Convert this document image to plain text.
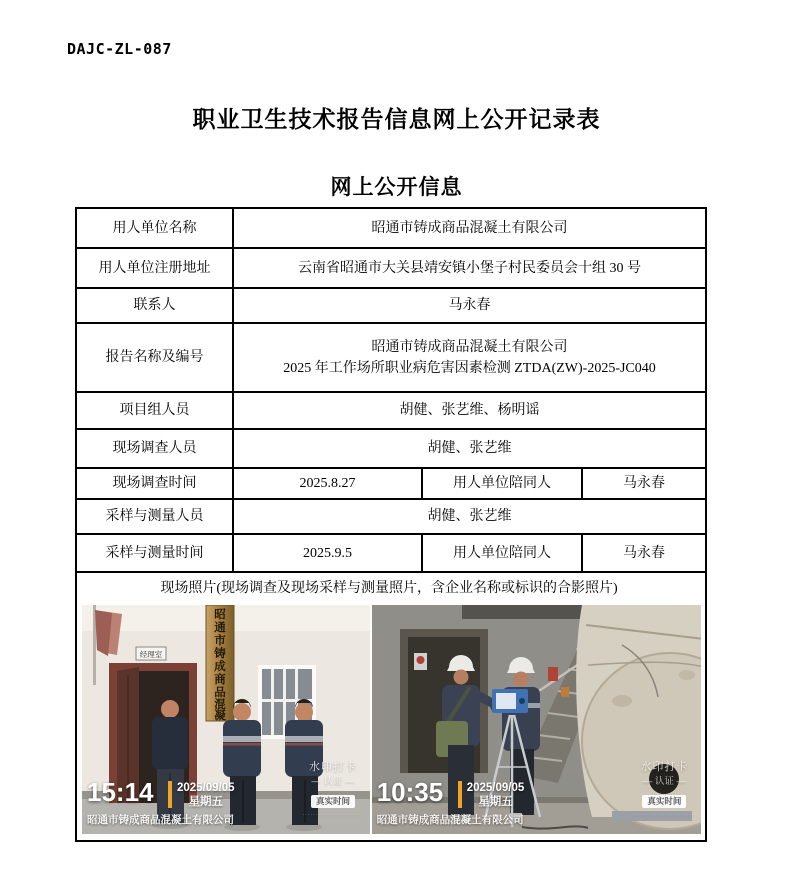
DAJC-ZL-087
职业卫生技术报告信息网上公开记录表
网上公开信息
用人单位名称	昭通市铸成商品混凝土有限公司		
用人单位注册地址	云南省昭通市大关县靖安镇小堡子村民委员会十组 30 号		
联系人	马永春		
报告名称及编号	昭通市铸成商品混凝土有限公司
2025 年工作场所职业病危害因素检测 ZTDA(ZW)-2025-JC040		

项目组人员	胡健、张艺维、杨明谣		
现场调查人员	胡健、张艺维		
现场调查时间	2025.8.27	用人单位陪同人	马永春
采样与测量人员	胡健、张艺维		
采样与测量时间	2025.9.5	用人单位陪同人	马永春

现场照片(现场调查及现场采样与测量照片，含企业名称或标识的合影照片)
经理室
昭
通
市
铸
成
商
品
混
凝
15:14 2025/09/05
星期五
昭通市铸成商品混凝土有限公司
水印打卡
— 认证 —
真实时间
·······················
10:35 2025/09/05
星期五
昭通市铸成商品混凝土有限公司
水印打卡
— 认证 —
真实时间
·······················
